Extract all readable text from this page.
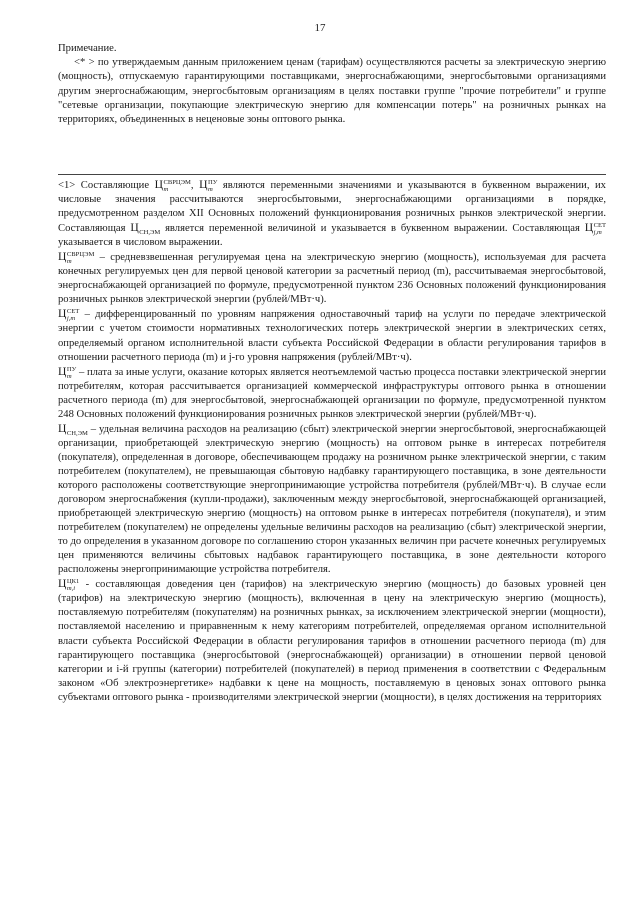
17

Примечание.

<* > по утверждаемым данным приложением ценам (тарифам) осуществляются расчеты за электрическую энергию (мощность), отпускаемую гарантирующими поставщиками, энергоснабжающими, энергосбытовыми организациями другим энергоснабжающим, энергосбытовым организациям в целях поставки группе "прочие потребители" и группе "сетевые организации, покупающие электрическую энергию для компенсации потерь" на розничных рынках на территориях, объединенных в неценовые зоны оптового рынка.

<1> Составляющие Ц СВРЦЭМ
m	, Ц ПУ
m являются переменными значениями и указываются в буквенном выражении, их числовые значения рассчитываются энергосбытовыми, энергоснабжающими организациями в порядке, предусмотренном разделом XII Основных положений функционирования розничных рынков электрической энергии. Составляющая Ц СН,ЭМ является переменной величиной и указывается в буквенном выражении. Составляющая Ц СЕТ
j,m
указывается в числовом выражении.

Ц СВРЦЭМ
m	– средневзвешенная регулируемая цена на электрическую энергию (мощность), используемая для расчета конечных регулируемых цен для первой ценовой категории за расчетный период (m), рассчитываемая энергосбытовой, энергоснабжающей организацией по формуле, предусмотренной пунктом 236 Основных положений функционирования розничных рынков электрической энергии (рублей/МВт·ч).

Ц СЕТ
j,m – дифференцированный по уровням напряжения одноставочный тариф на услуги по передаче электрической энергии с учетом стоимости нормативных технологических потерь электрической энергии в электрических сетях, определяемый органом исполнительной власти субъекта Российской Федерации в области регулирования тарифов в отношении расчетного периода (m) и j-го уровня напряжения (рублей/МВт·ч).

Ц ПУ
m – плата за иные услуги, оказание которых является неотъемлемой частью процесса поставки электрической энергии потребителям, которая рассчитывается организацией коммерческой инфраструктуры оптового рынка в отношении расчетного периода (m) для энергосбытовой, энергоснабжающей организации по формуле, предусмотренной пунктом 248 Основных положений функционирования розничных рынков электрической энергии (рублей/МВт·ч).

Ц СН,ЭМ – удельная величина расходов на реализацию (сбыт) электрической энергии энергосбытовой, энергоснабжающей организации, приобретающей электрическую энергию (мощность) на оптовом рынке в интересах потребителя (покупателя), определенная в договоре, обеспечивающем продажу на розничном рынке электрической энергии, с таким потребителем (покупателем), не превышающая сбытовую надбавку гарантирующего поставщика, в зоне деятельности которого расположены соответствующие энергопринимающие устройства потребителя (рублей/МВт·ч). В случае если договором энергоснабжения (купли-продажи), заключенным между энергосбытовой, энергоснабжающей организацией, приобретающей электрическую энергию (мощность) на оптовом рынке в интересах потребителя (покупателя), и этим потребителем (покупателем) не определены удельные величины расходов на реализацию (сбыт) электрической энергии, то до определения в указанном договоре по соглашению сторон указанных величин при расчете конечных регулируемых цен применяются величины сбытовых надбавок гарантирующего поставщика, в зоне деятельности которого расположены энергопринимающие устройства потребителя.

Ц ЦК1
m,i - составляющая доведения цен (тарифов) на электрическую энергию (мощность) до базовых уровней цен (тарифов) на электрическую энергию (мощность), включенная в цену на электрическую энергию (мощность), поставляемую потребителям (покупателям) на розничных рынках, за исключением электрической энергии (мощности), поставляемой населению и приравненным к нему категориям потребителей, определяемая органом исполнительной власти субъекта Российской Федерации в области регулирования тарифов в отношении расчетного периода (m) для гарантирующего поставщика (энергосбытовой (энергоснабжающей) организации) в отношении первой ценовой категории и i-й группы (категории) потребителей (покупателей) в период применения в соответствии с Федеральным законом «Об электроэнергетике» надбавки к цене на мощность, поставляемую в ценовых зонах оптового рынка субъектами оптового рынка - производителями электрической энергии (мощности), в целях достижения на территориях
